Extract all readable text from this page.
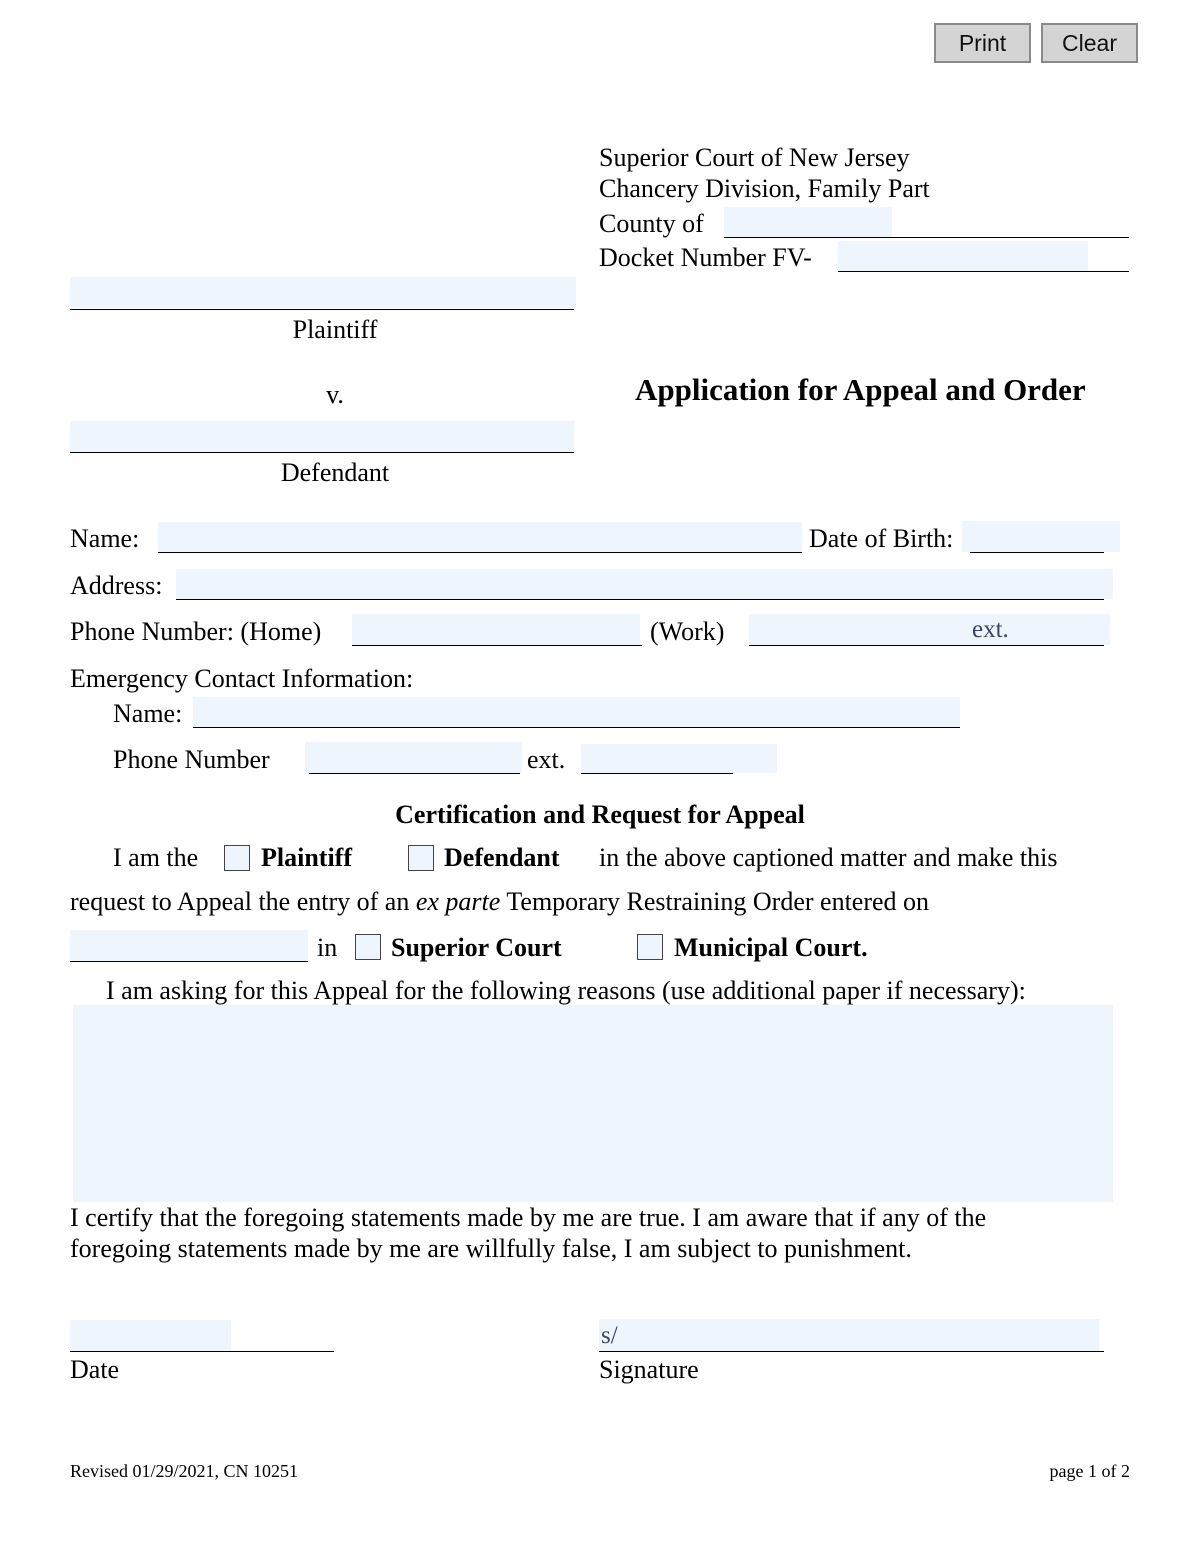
Print	Clear
Superior Court of New Jersey
Chancery Division, Family Part
County of
Docket Number FV-
Plaintiff
v.
Defendant
Application for Appeal and Order
Name:	Date of Birth:
Address:
Phone Number: (Home)	(Work)	ext.
Emergency Contact Information:
Name:
Phone Number	ext.
Certification and Request for Appeal
I am the Plaintiff	Defendant in the above captioned matter and make this
request to Appeal the entry of an ex parte Temporary Restraining Order entered on
in Superior Court	Municipal Court.
I am asking for this Appeal for the following reasons (use additional paper if necessary):
I certify that the foregoing statements made by me are true. I am aware that if any of the
foregoing statements made by me are willfully false, I am subject to punishment.
Date
s/
Signature
Revised 01/29/2021, CN 10251	page 1 of 2
